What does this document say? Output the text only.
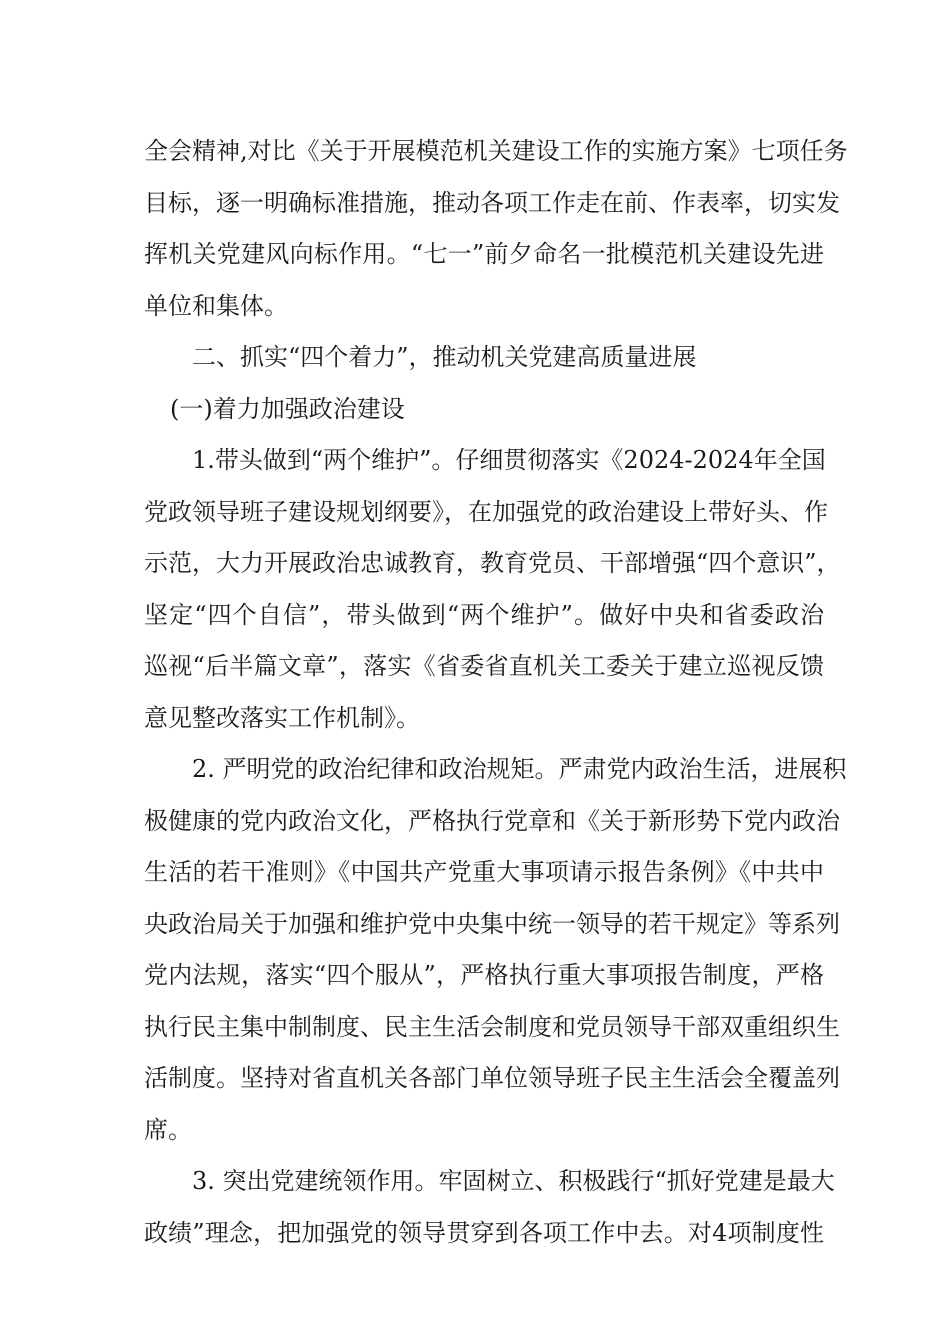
全会精神,对比《关于开展模范机关建设工作的实施方案》七项任务
目标，逐一明确标准措施，推动各项工作走在前、作表率，切实发
挥机关党建风向标作用。“七一”前夕命名一批模范机关建设先进
单位和集体。
二、抓实“四个着力”，推动机关党建高质量进展
(一)着力加强政治建设
1.带头做到“两个维护”。仔细贯彻落实《2024-2024年全国
党政领导班子建设规划纲要》，在加强党的政治建设上带好头、作
示范，大力开展政治忠诚教育，教育党员、干部增强“四个意识”，
坚定“四个自信”，带头做到“两个维护”。做好中央和省委政治
巡视“后半篇文章”，落实《省委省直机关工委关于建立巡视反馈
意见整改落实工作机制》。
2. 严明党的政治纪律和政治规矩。严肃党内政治生活，进展积
极健康的党内政治文化，严格执行党章和《关于新形势下党内政治
生活的若干准则》《中国共产党重大事项请示报告条例》《中共中
央政治局关于加强和维护党中央集中统一领导的若干规定》等系列
党内法规，落实“四个服从”，严格执行重大事项报告制度，严格
执行民主集中制制度、民主生活会制度和党员领导干部双重组织生
活制度。坚持对省直机关各部门单位领导班子民主生活会全覆盖列
席。
3. 突出党建统领作用。牢固树立、积极践行“抓好党建是最大
政绩”理念，把加强党的领导贯穿到各项工作中去。对4项制度性
